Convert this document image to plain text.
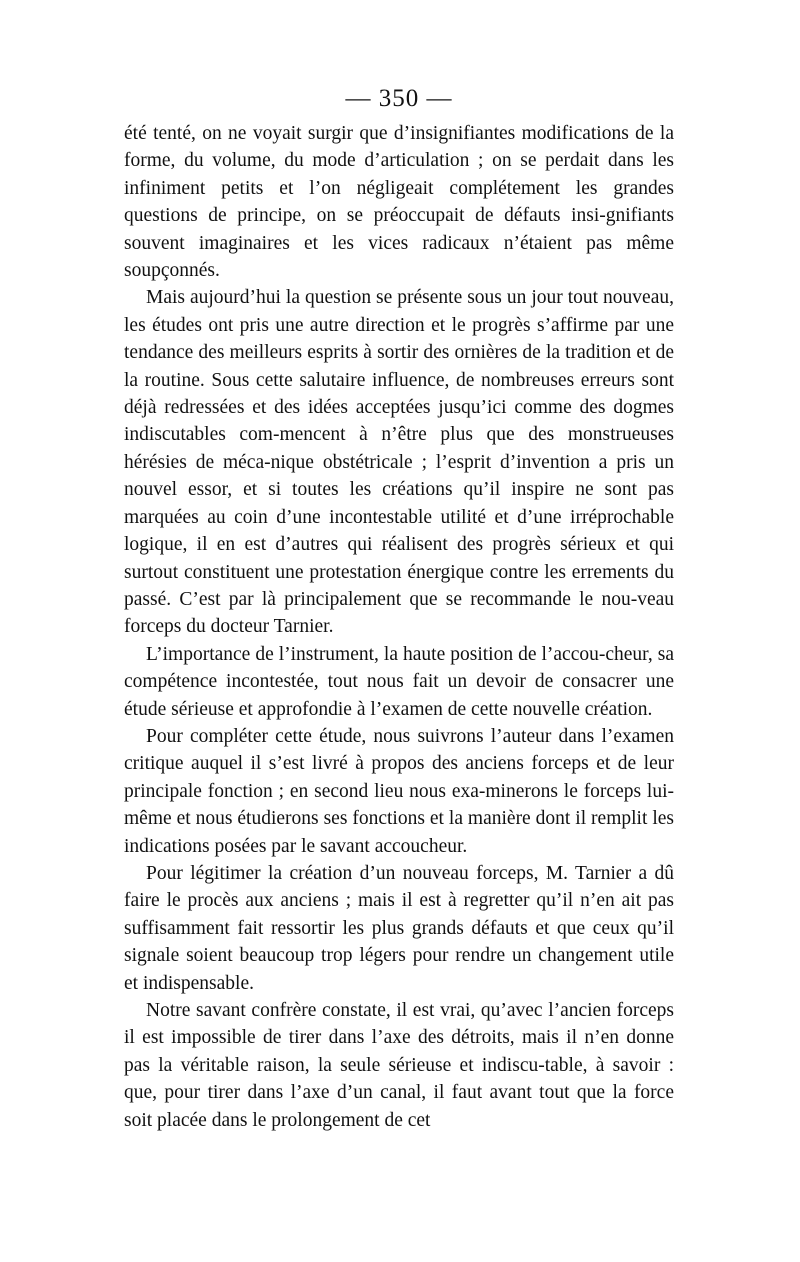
— 350 —

été tenté, on ne voyait surgir que d’insignifiantes modifications de la forme, du volume, du mode d’articulation ; on se perdait dans les infiniment petits et l’on négligeait complétement les grandes questions de principe, on se préoccupait de défauts insi-gnifiants souvent imaginaires et les vices radicaux n’étaient pas même soupçonnés.

Mais aujourd’hui la question se présente sous un jour tout nouveau, les études ont pris une autre direction et le progrès s’affirme par une tendance des meilleurs esprits à sortir des ornières de la tradition et de la routine. Sous cette salutaire influence, de nombreuses erreurs sont déjà redressées et des idées acceptées jusqu’ici comme des dogmes indiscutables com-mencent à n’être plus que des monstrueuses hérésies de méca-nique obstétricale ; l’esprit d’invention a pris un nouvel essor, et si toutes les créations qu’il inspire ne sont pas marquées au coin d’une incontestable utilité et d’une irréprochable logique, il en est d’autres qui réalisent des progrès sérieux et qui surtout constituent une protestation énergique contre les errements du passé. C’est par là principalement que se recommande le nou-veau forceps du docteur Tarnier.

L’importance de l’instrument, la haute position de l’accou-cheur, sa compétence incontestée, tout nous fait un devoir de consacrer une étude sérieuse et approfondie à l’examen de cette nouvelle création.

Pour compléter cette étude, nous suivrons l’auteur dans l’examen critique auquel il s’est livré à propos des anciens forceps et de leur principale fonction ; en second lieu nous exa-minerons le forceps lui-même et nous étudierons ses fonctions et la manière dont il remplit les indications posées par le savant accoucheur.

Pour légitimer la création d’un nouveau forceps, M. Tarnier a dû faire le procès aux anciens ; mais il est à regretter qu’il n’en ait pas suffisamment fait ressortir les plus grands défauts et que ceux qu’il signale soient beaucoup trop légers pour rendre un changement utile et indispensable.

Notre savant confrère constate, il est vrai, qu’avec l’ancien forceps il est impossible de tirer dans l’axe des détroits, mais il n’en donne pas la véritable raison, la seule sérieuse et indiscu-table, à savoir : que, pour tirer dans l’axe d’un canal, il faut avant tout que la force soit placée dans le prolongement de cet
